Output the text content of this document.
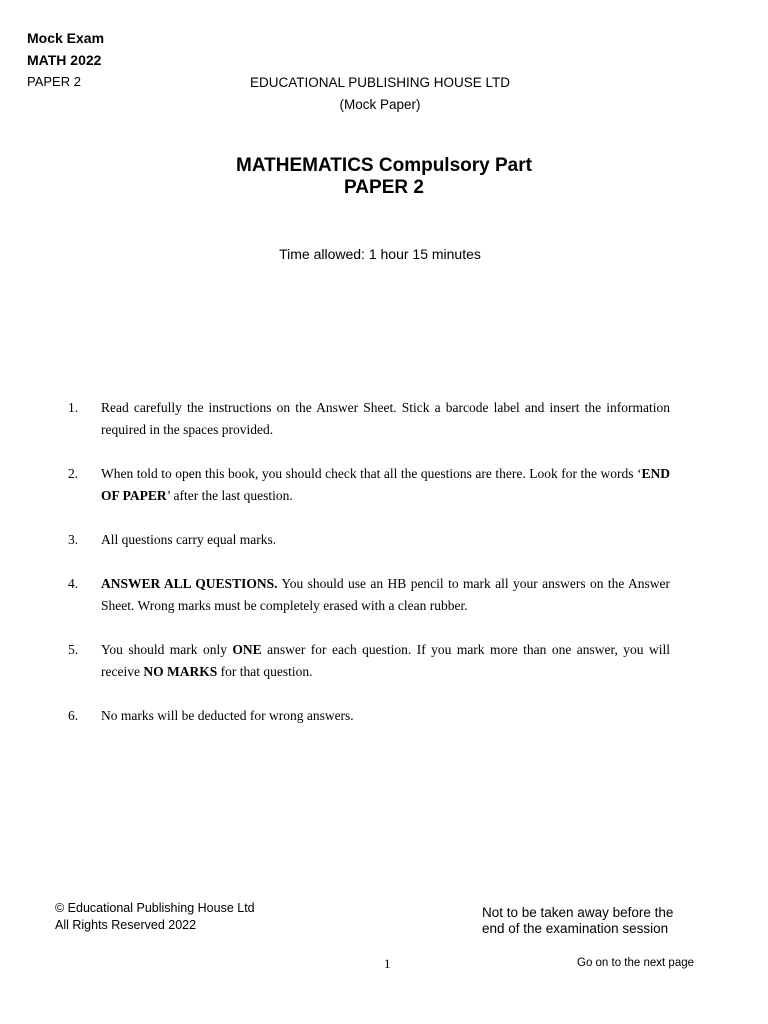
Mock Exam
MATH 2022
PAPER 2	EDUCATIONAL PUBLISHING HOUSE LTD
(Mock Paper)
MATHEMATICS Compulsory Part
PAPER 2
Time allowed: 1 hour 15 minutes
1.	Read carefully the instructions on the Answer Sheet. Stick a barcode label and insert the information required in the spaces provided.
2.	When told to open this book, you should check that all the questions are there. Look for the words ‘END OF PAPER’ after the last question.
3.	All questions carry equal marks.
4.	ANSWER ALL QUESTIONS. You should use an HB pencil to mark all your answers on the Answer Sheet. Wrong marks must be completely erased with a clean rubber.
5.	You should mark only ONE answer for each question. If you mark more than one answer, you will receive NO MARKS for that question.
6.	No marks will be deducted for wrong answers.
© Educational Publishing House Ltd
All Rights Reserved 2022
Not to be taken away before the
end of the examination session
1	Go on to the next page
